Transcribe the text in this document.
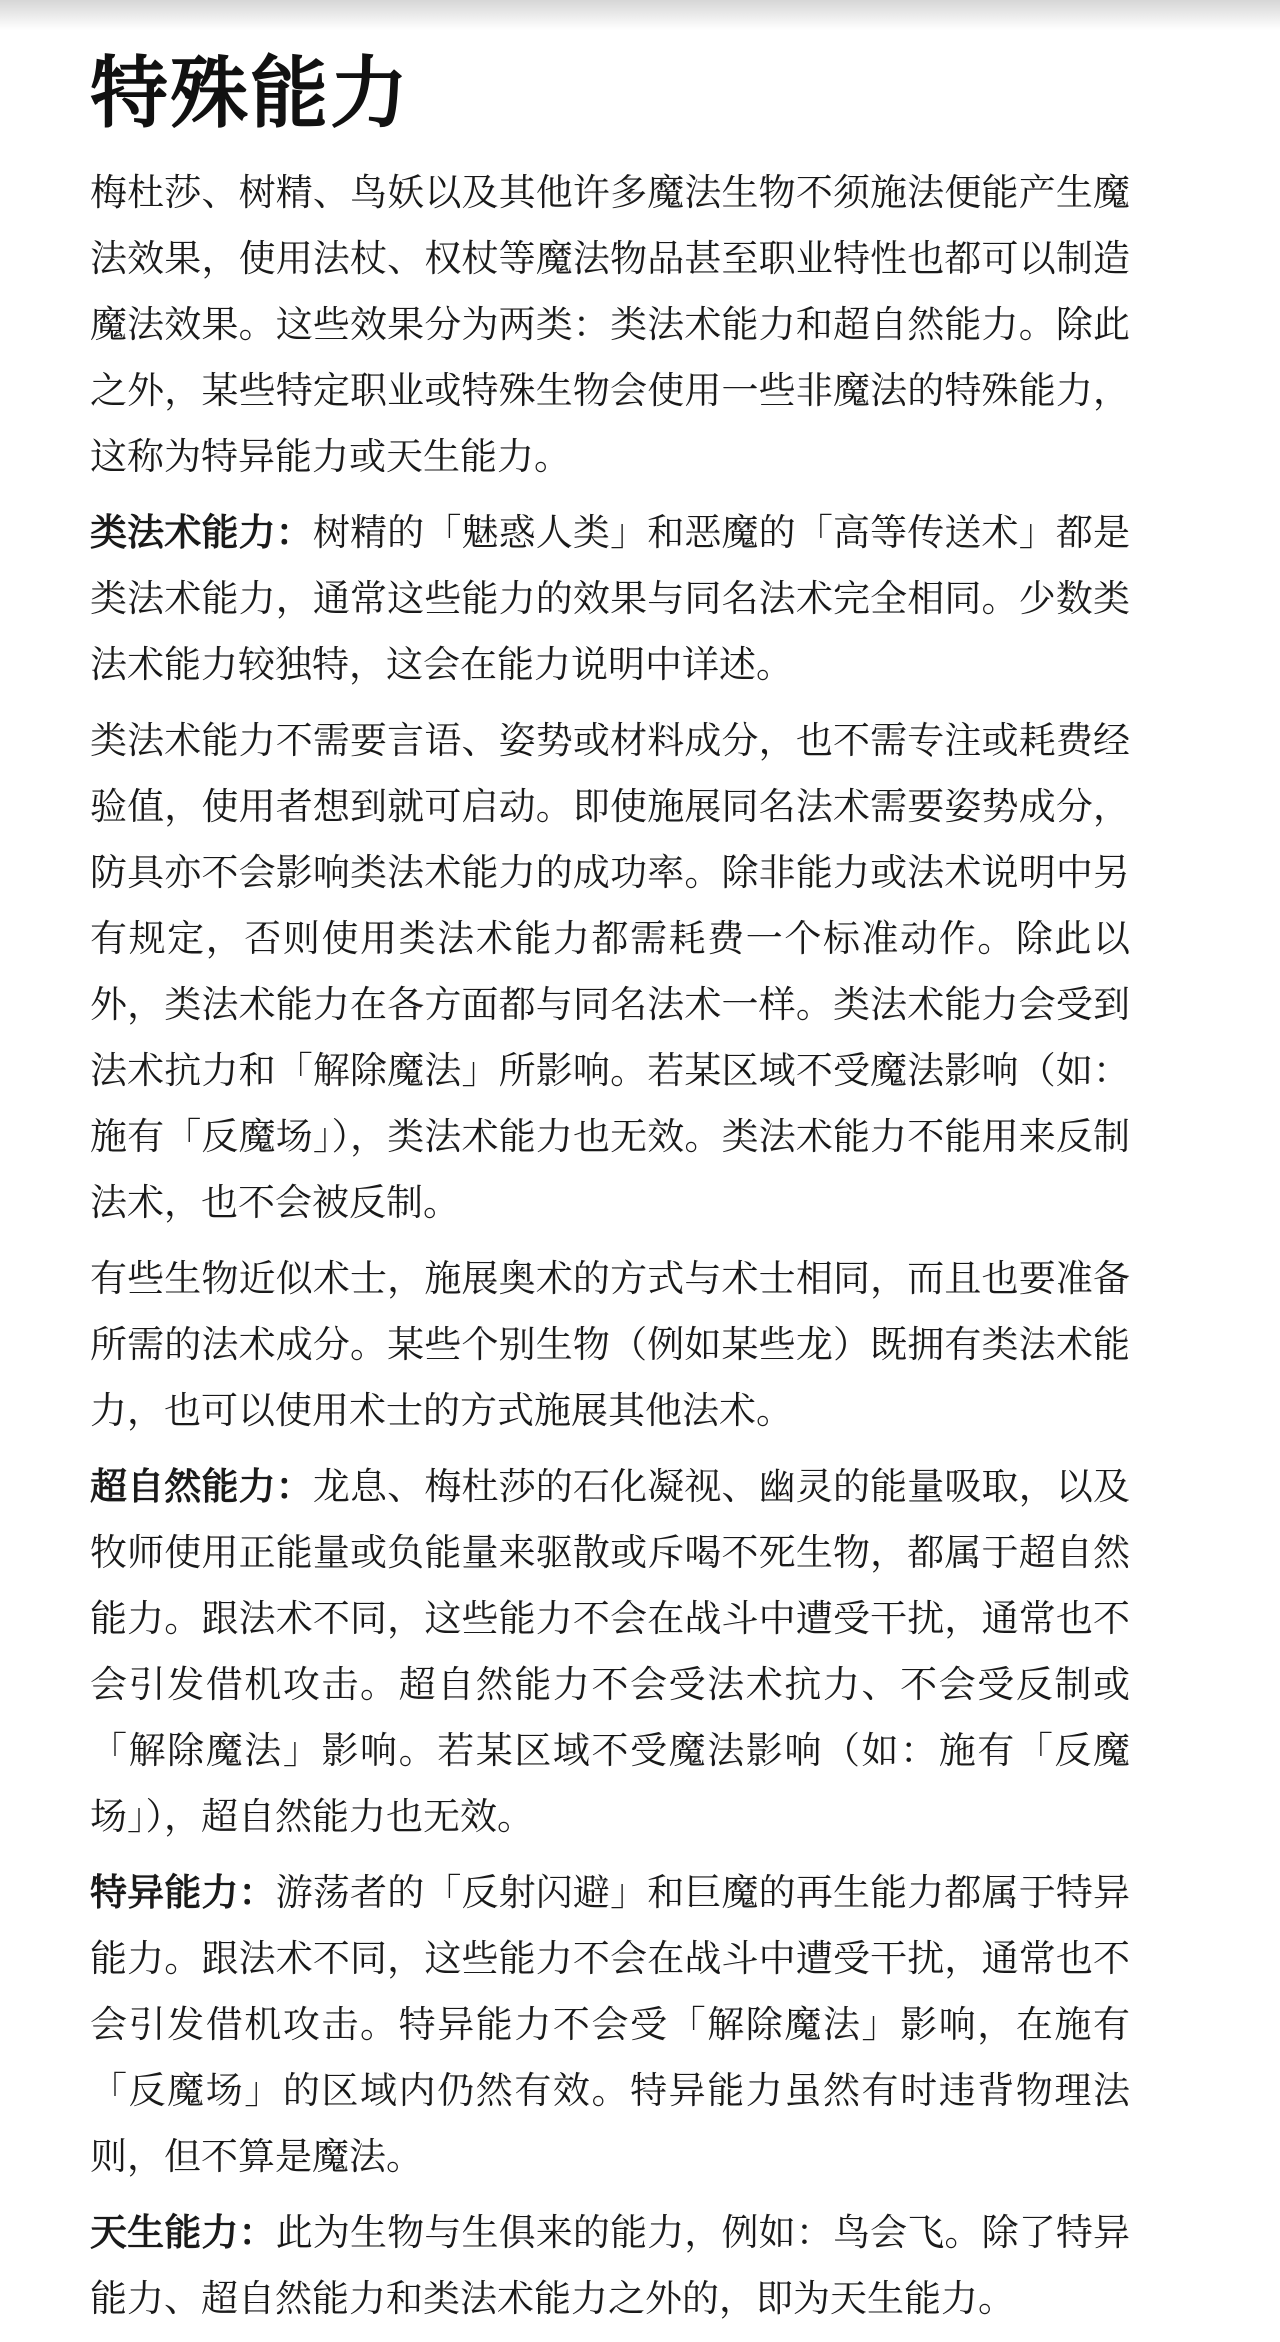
特殊能力

梅杜莎、树精、鸟妖以及其他许多魔法生物不须施法便能产生魔法效果，使用法杖、权杖等魔法物品甚至职业特性也都可以制造魔法效果。这些效果分为两类：类法术能力和超自然能力。除此之外，某些特定职业或特殊生物会使用一些非魔法的特殊能力，这称为特异能力或天生能力。

类法术能力：树精的「魅惑人类」和恶魔的「高等传送术」都是类法术能力，通常这些能力的效果与同名法术完全相同。少数类法术能力较独特，这会在能力说明中详述。

类法术能力不需要言语、姿势或材料成分，也不需专注或耗费经验值，使用者想到就可启动。即使施展同名法术需要姿势成分，防具亦不会影响类法术能力的成功率。除非能力或法术说明中另有规定，否则使用类法术能力都需耗费一个标准动作。除此以外，类法术能力在各方面都与同名法术一样。类法术能力会受到法术抗力和「解除魔法」所影响。若某区域不受魔法影响（如：施有「反魔场」），类法术能力也无效。类法术能力不能用来反制法术，也不会被反制。

有些生物近似术士，施展奥术的方式与术士相同，而且也要准备所需的法术成分。某些个别生物（例如某些龙）既拥有类法术能力，也可以使用术士的方式施展其他法术。

超自然能力：龙息、梅杜莎的石化凝视、幽灵的能量吸取，以及牧师使用正能量或负能量来驱散或斥喝不死生物，都属于超自然能力。跟法术不同，这些能力不会在战斗中遭受干扰，通常也不会引发借机攻击。超自然能力不会受法术抗力、不会受反制或「解除魔法」影响。若某区域不受魔法影响（如：施有「反魔场」），超自然能力也无效。

特异能力：游荡者的「反射闪避」和巨魔的再生能力都属于特异能力。跟法术不同，这些能力不会在战斗中遭受干扰，通常也不会引发借机攻击。特异能力不会受「解除魔法」影响，在施有「反魔场」的区域内仍然有效。特异能力虽然有时违背物理法则，但不算是魔法。

天生能力：此为生物与生俱来的能力，例如：鸟会飞。除了特异能力、超自然能力和类法术能力之外的，即为天生能力。
